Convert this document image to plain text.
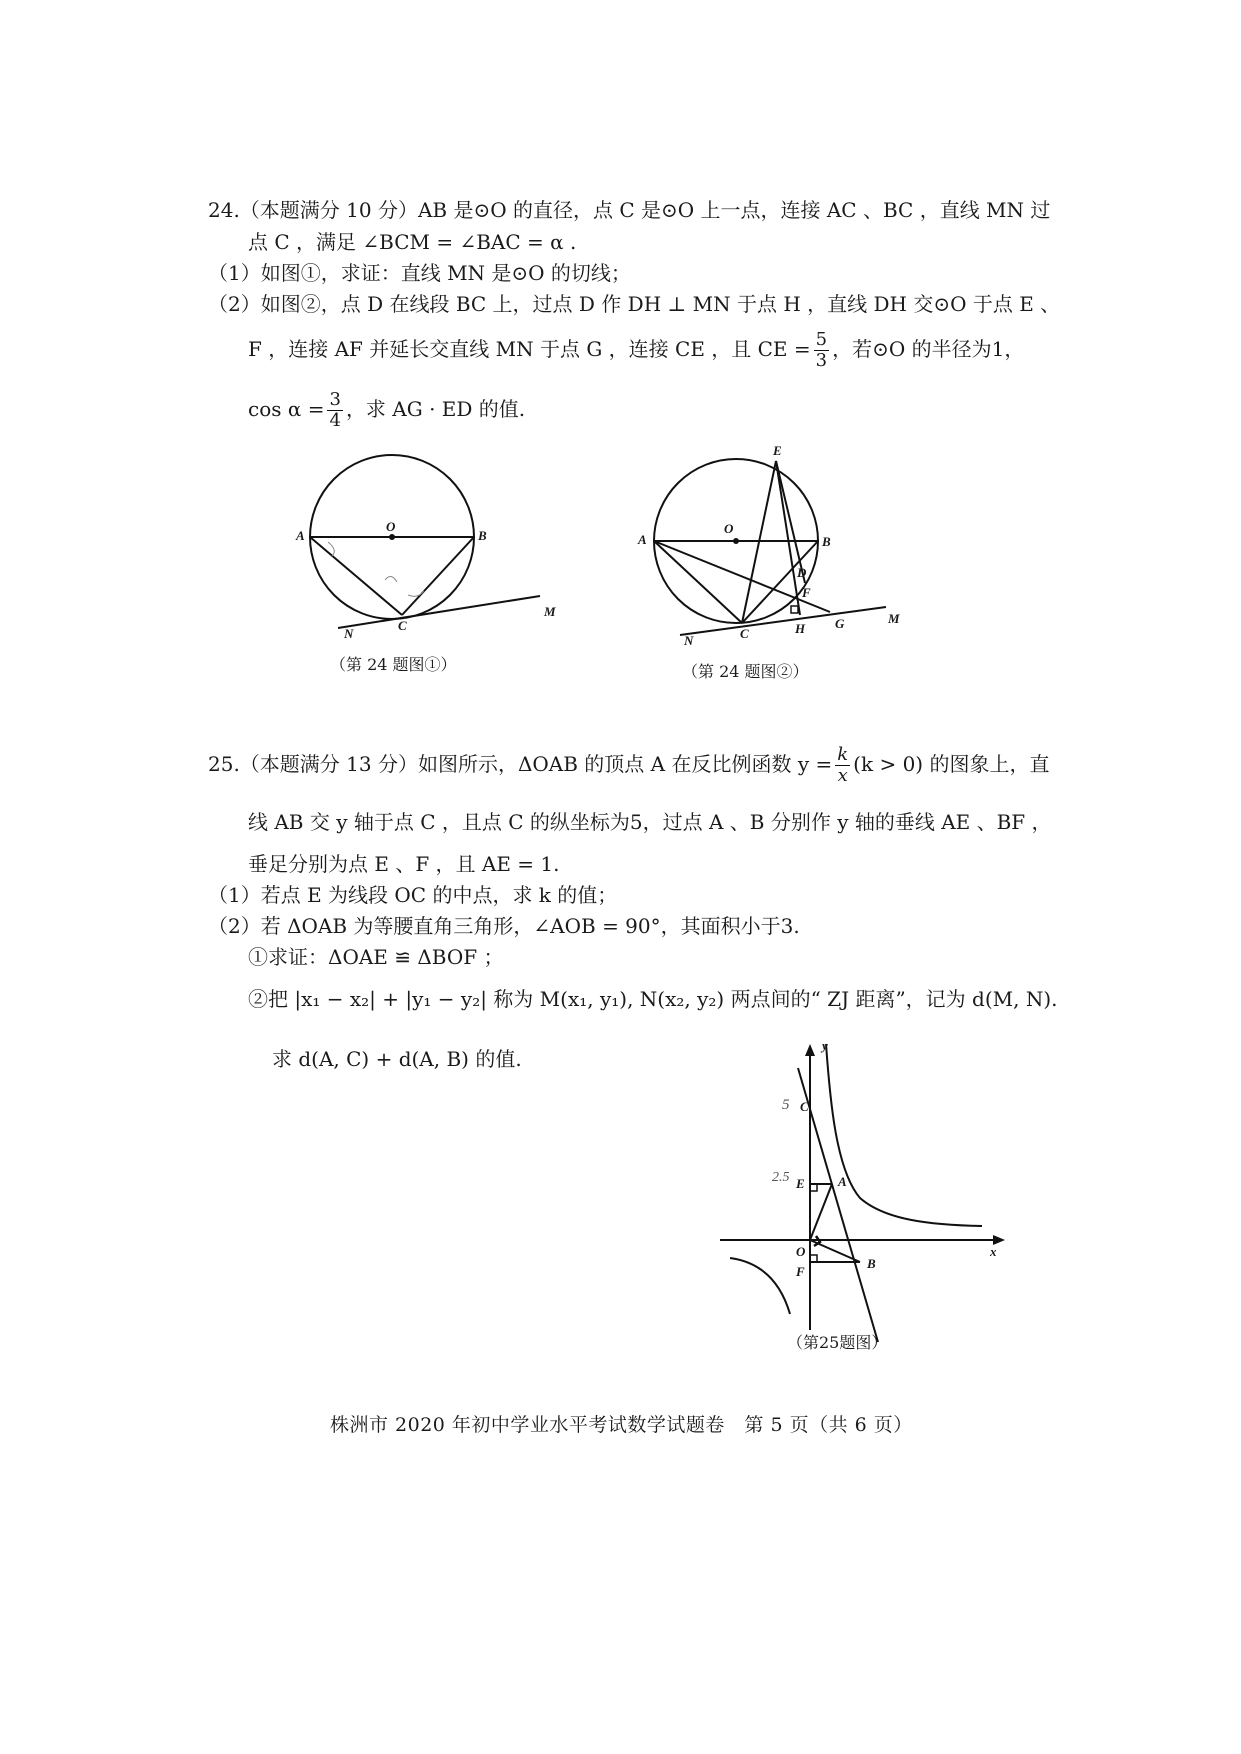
24.（本题满分 10 分）AB 是⊙O 的直径，点 C 是⊙O 上一点，连接 AC 、BC ，直线 MN 过
点 C ，满足 ∠BCM = ∠BAC = α .
（1）如图①，求证：直线 MN 是⊙O 的切线；
（2）如图②，点 D 在线段 BC 上，过点 D 作 DH ⊥ MN 于点 H ，直线 DH 交⊙O 于点 E 、
F ，连接 AF 并延长交直线 MN 于点 G ，连接 CE ，且 CE = $\frac{5}{3}$ ，若⊙O 的半径为1，
$\cos \alpha = \frac{3}{4}$ ，求 AG · ED 的值.
A
O
B
C
N
M
（第 24 题图①）
E
A
O
B
D
F
N	C	H G	M
（第 24 题图②）
25.（本题满分 13 分）如图所示，ΔOAB 的顶点 A 在反比例函数 $y = \frac{k}{x} (k > 0)$ 的图象上，直
线 AB 交 y 轴于点 C ，且点 C 的纵坐标为5，过点 A 、B 分别作 y 轴的垂线 AE 、BF ，
垂足分别为点 E 、F ，且 AE = 1.
（1）若点 E 为线段 OC 的中点，求 k 的值；
（2）若 ΔOAB 为等腰直角三角形，∠AOB = 90°，其面积小于3.
①求证：ΔOAE ≌ ΔBOF ；
②把 |x₁ − x₂| + |y₁ − y₂| 称为 M(x₁, y₁), N(x₂, y₂) 两点间的“ ZJ 距离”，记为 d(M, N).
求 d(A, C) + d(A, B) 的值.
y
x
C
E	A
O
F
B
5
2.5
（第25题图）
株洲市 2020 年初中学业水平考试数学试题卷　第 5 页（共 6 页）
